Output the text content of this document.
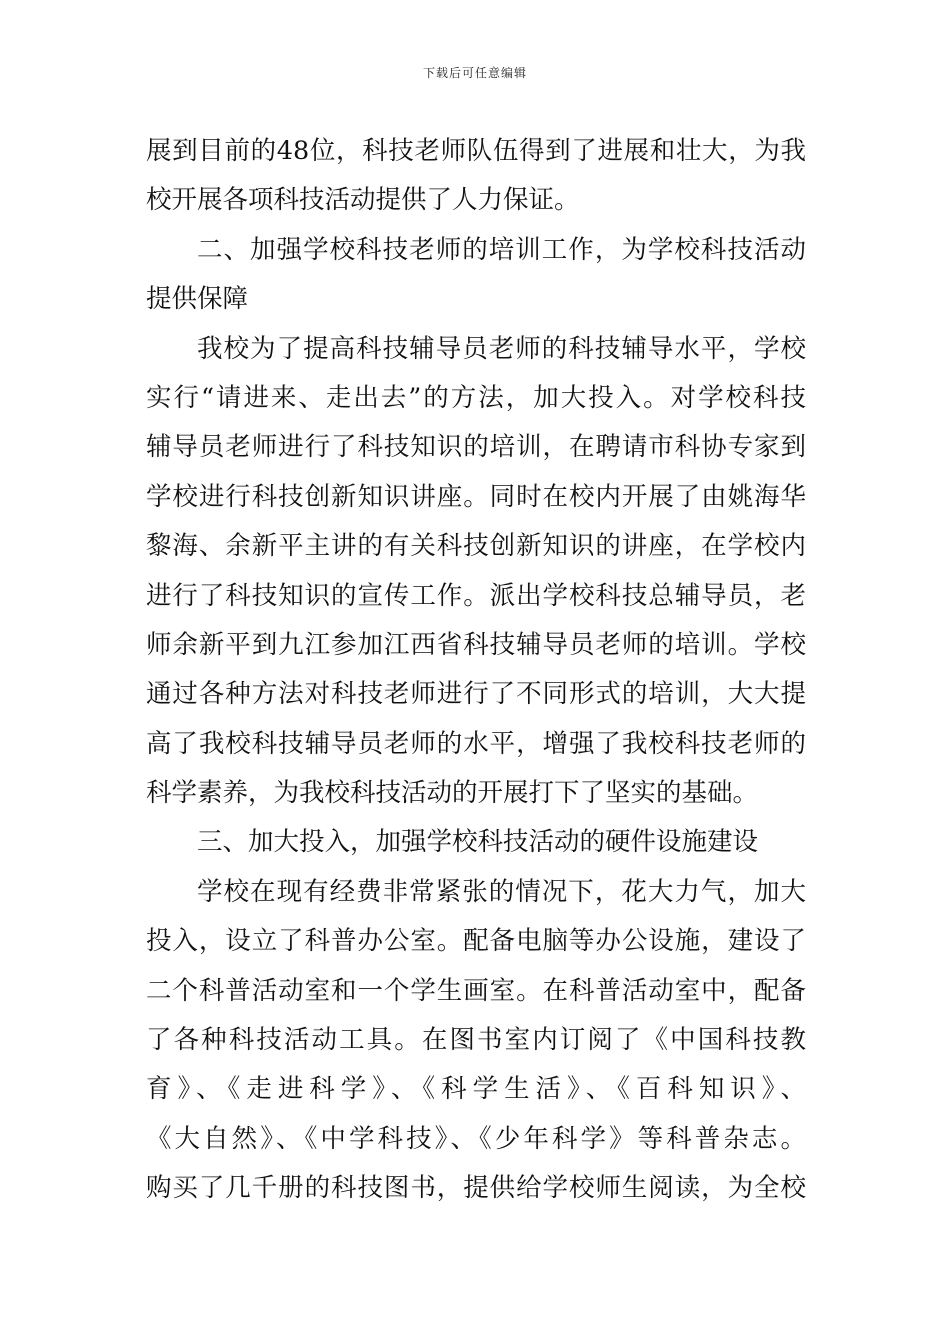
下载后可任意编辑
展到目前的48位，科技老师队伍得到了进展和壮大，为我
校开展各项科技活动提供了人力保证。
二、加强学校科技老师的培训工作，为学校科技活动
提供保障
我校为了提高科技辅导员老师的科技辅导水平，学校
实行“请进来、走出去”的方法，加大投入。对学校科技
辅导员老师进行了科技知识的培训，在聘请市科协专家到
学校进行科技创新知识讲座。同时在校内开展了由姚海华
黎海、余新平主讲的有关科技创新知识的讲座，在学校内
进行了科技知识的宣传工作。派出学校科技总辅导员，老
师余新平到九江参加江西省科技辅导员老师的培训。学校
通过各种方法对科技老师进行了不同形式的培训，大大提
高了我校科技辅导员老师的水平，增强了我校科技老师的
科学素养，为我校科技活动的开展打下了坚实的基础。
三、加大投入，加强学校科技活动的硬件设施建设
学校在现有经费非常紧张的情况下，花大力气，加大
投入，设立了科普办公室。配备电脑等办公设施，建设了
二个科普活动室和一个学生画室。在科普活动室中，配备
了各种科技活动工具。在图书室内订阅了《中国科技教
育》、《走进科学》、《科学生活》、《百科知识》、
《大自然》、《中学科技》、《少年科学》等科普杂志。
购买了几千册的科技图书，提供给学校师生阅读，为全校
